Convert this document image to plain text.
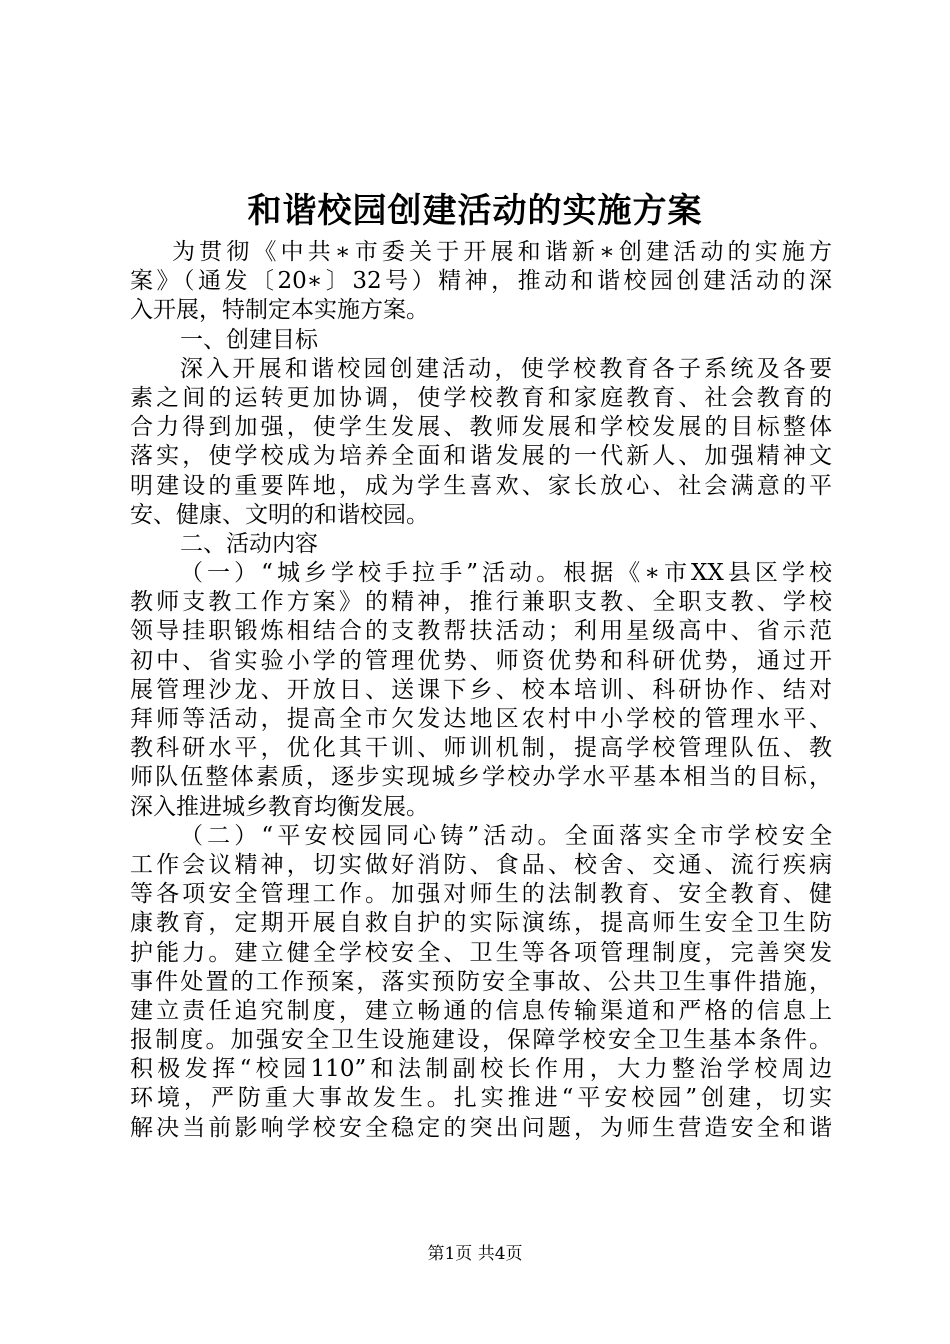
和谐校园创建活动的实施方案
为贯彻《中共∗市委关于开展和谐新∗创建活动的实施方
案》（通发〔20∗〕32号）精神，推动和谐校园创建活动的深
入开展，特制定本实施方案。
一、创建目标
深入开展和谐校园创建活动，使学校教育各子系统及各要
素之间的运转更加协调，使学校教育和家庭教育、社会教育的
合力得到加强，使学生发展、教师发展和学校发展的目标整体
落实，使学校成为培养全面和谐发展的一代新人、加强精神文
明建设的重要阵地，成为学生喜欢、家长放心、社会满意的平
安、健康、文明的和谐校园。
二、活动内容
（一）“城乡学校手拉手”活动。根据《∗市XX县区学校
教师支教工作方案》的精神，推行兼职支教、全职支教、学校
领导挂职锻炼相结合的支教帮扶活动；利用星级高中、省示范
初中、省实验小学的管理优势、师资优势和科研优势，通过开
展管理沙龙、开放日、送课下乡、校本培训、科研协作、结对
拜师等活动，提高全市欠发达地区农村中小学校的管理水平、
教科研水平，优化其干训、师训机制，提高学校管理队伍、教
师队伍整体素质，逐步实现城乡学校办学水平基本相当的目标，
深入推进城乡教育均衡发展。
（二）“平安校园同心铸”活动。全面落实全市学校安全
工作会议精神，切实做好消防、食品、校舍、交通、流行疾病
等各项安全管理工作。加强对师生的法制教育、安全教育、健
康教育，定期开展自救自护的实际演练，提高师生安全卫生防
护能力。建立健全学校安全、卫生等各项管理制度，完善突发
事件处置的工作预案，落实预防安全事故、公共卫生事件措施，
建立责任追究制度，建立畅通的信息传输渠道和严格的信息上
报制度。加强安全卫生设施建设，保障学校安全卫生基本条件。
积极发挥“校园110”和法制副校长作用，大力整治学校周边
环境，严防重大事故发生。扎实推进“平安校园”创建，切实
解决当前影响学校安全稳定的突出问题，为师生营造安全和谐
第1页 共4页
